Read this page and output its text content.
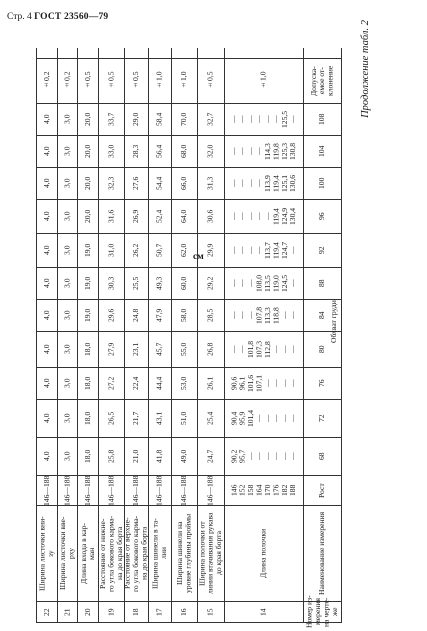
Стр. 4 ГОСТ 23560—79
Продолжение табл. 2
см
Номер из-
мерения
на черте-
же
Наименование измерения
Рост
68
72
76
80
84
88
92
96
100
104
108
Допуска-
емое от-
клонение
14
Длина полочки
146
152
158
164
170
176
182
188
90,2
95,7
—
—
—
—
—
—
90,4
95,9
101,4
—
—
—
—
—
90,6
96,1
101,6
107,1
—
—
—
—
—
—
101,8
107,3
112,8
—
—
—
—
—
—
107,8
113,3
118,8
—
—
—
—
—
108,0
113,5
119,0
124,5
—
—
—
—
—
113,7
119,4
124,7
—
—
—
—
—
—
119,4
124,9
130,4
—
—
—
—
113,9
119,4
125,1
130,6
—
—
—
—
114,3
119,8
125,3
130,8
—
—
—
—
—
—
125,5
—
±1,0
15
Ширина полочки от
линии втачивания рукава
до края борта
146—188
24,7
25,4
26,1
26,8
28,5
29,2
29,9
30,6
31,3
32,0
32,7
±0,5
16
Ширина шинели на
уровне глубины проймы
146—188
49,0
51,0
53,0
55,0
58,0
60,0
62,0
64,0
66,0
68,0
70,0
±1,0
17
Ширина шинели в та-
лии
146—188
41,8
43,1
44,4
45,7
47,9
49,3
50,7
52,4
54,4
56,4
58,4
±1,0
18
Расстояние от верхне-
го угла бокового карма-
на до края борта
146—188
21,0
21,7
22,4
23,1
24,8
25,5
26,2
26,9
27,6
28,3
29,0
±0,5
19
Расстояние от нижне-
го угла бокового карма-
на до края борта
146—188
25,8
26,5
27,2
27,9
29,6
30,3
31,0
31,6
32,3
33,0
33,7
±0,5
20
Длина входа в кар-
ман
146—188
18,0
18,0
18,0
18,0
19,0
19,0
19,0
20,0
20,0
20,0
20,0
±0,5
21
Ширина листочки вве-
рху
146—188
3,0
3,0
3,0
3,0
3,0
3,0
3,0
3,0
3,0
3,0
3,0
±0,2
22
Ширина листочки вни-
зу
146—188
4,0
4,0
4,0
4,0
4,0
4,0
4,0
4,0
4,0
4,0
4,0
±0,2
Обхват груди
